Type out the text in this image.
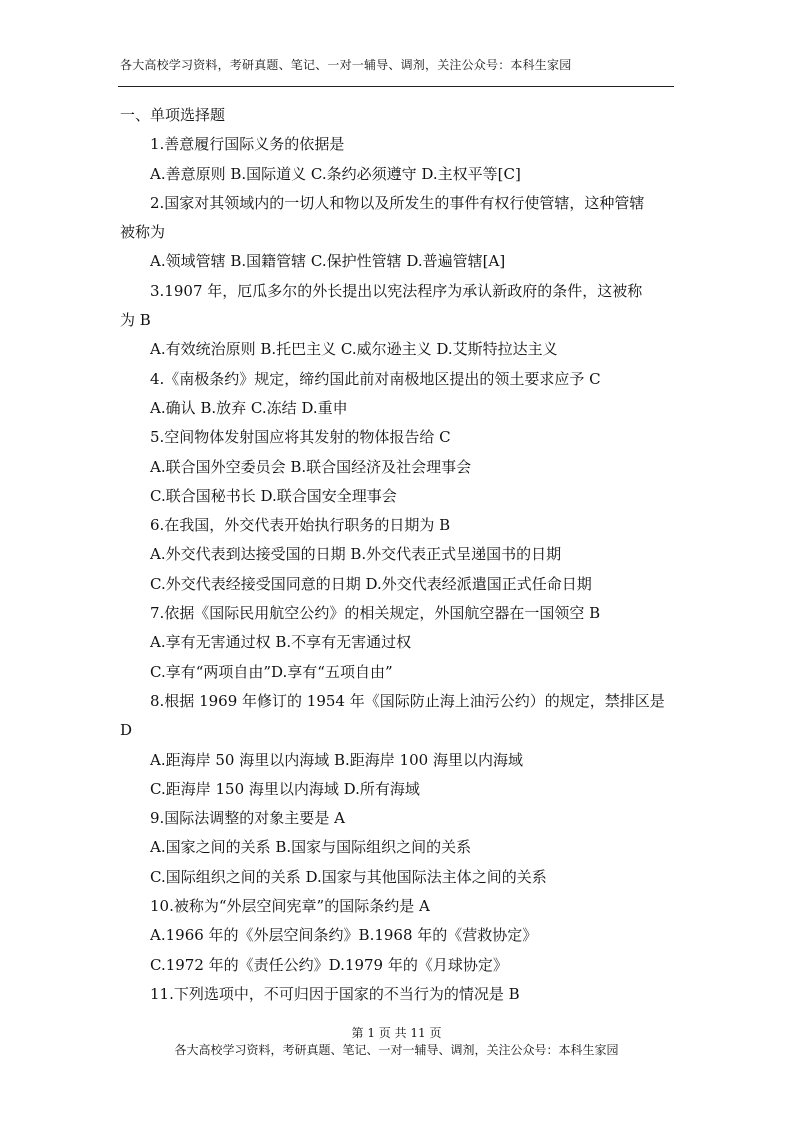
各大高校学习资料，考研真题、笔记、一对一辅导、调剂，关注公众号：本科生家园
一、单项选择题
1.善意履行国际义务的依据是
A.善意原则 B.国际道义 C.条约必须遵守 D.主权平等[C]
2.国家对其领域内的一切人和物以及所发生的事件有权行使管辖，这种管辖
被称为
A.领域管辖 B.国籍管辖 C.保护性管辖 D.普遍管辖[A]
3.1907 年，厄瓜多尔的外长提出以宪法程序为承认新政府的条件，这被称
为 B
A.有效统治原则 B.托巴主义 C.威尔逊主义 D.艾斯特拉达主义
4.《南极条约》规定，缔约国此前对南极地区提出的领土要求应予 C
A.确认 B.放弃 C.冻结 D.重申
5.空间物体发射国应将其发射的物体报告给 C
A.联合国外空委员会 B.联合国经济及社会理事会
C.联合国秘书长 D.联合国安全理事会
6.在我国，外交代表开始执行职务的日期为 B
A.外交代表到达接受国的日期 B.外交代表正式呈递国书的日期
C.外交代表经接受国同意的日期 D.外交代表经派遣国正式任命日期
7.依据《国际民用航空公约》的相关规定，外国航空器在一国领空 B
A.享有无害通过权 B.不享有无害通过权
C.享有“两项自由”D.享有“五项自由”
8.根据 1969 年修订的 1954 年《国际防止海上油污公约）的规定，禁排区是
D
A.距海岸 50 海里以内海域 B.距海岸 100 海里以内海域
C.距海岸 150 海里以内海域 D.所有海域
9.国际法调整的对象主要是 A
A.国家之间的关系 B.国家与国际组织之间的关系
C.国际组织之间的关系 D.国家与其他国际法主体之间的关系
10.被称为“外层空间宪章”的国际条约是 A
A.1966 年的《外层空间条约》B.1968 年的《营救协定》
C.1972 年的《责任公约》D.1979 年的《月球协定》
11.下列选项中，不可归因于国家的不当行为的情况是 B
第 1 页 共 11 页
各大高校学习资料，考研真题、笔记、一对一辅导、调剂，关注公众号：本科生家园
